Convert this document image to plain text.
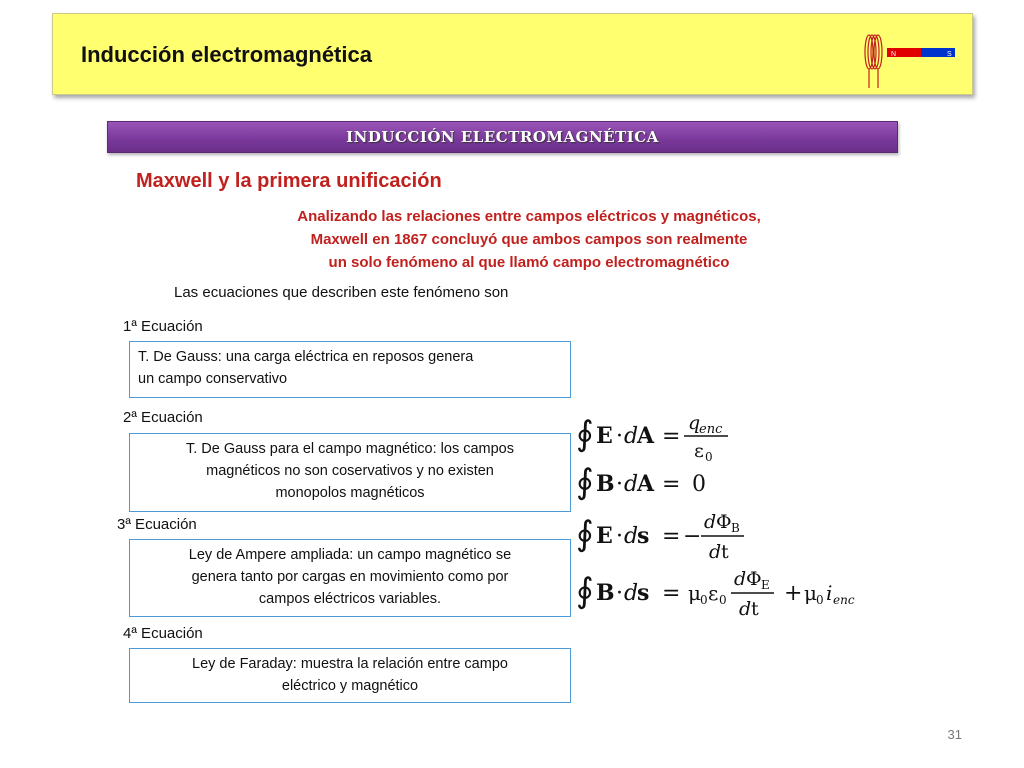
Inducción electromagnética	N	S
INDUCCIÓN ELECTROMAGNÉTICA
Maxwell y la primera unificación
Analizando las relaciones entre campos eléctricos y magnéticos,
Maxwell en 1867 concluyó que ambos campos son realmente
un solo fenómeno al que llamó campo electromagnético
Las ecuaciones que describen este fenómeno son
1ª Ecuación
T. De Gauss: una carga eléctrica en reposos genera
un campo conservativo
2ª Ecuación
T. De Gauss para el campo magnético: los campos
magnéticos no son coservativos y no existen
monopolos magnéticos
3ª Ecuación
Ley de Ampere ampliada: un campo magnético se
genera tanto por cargas en movimiento como por
campos eléctricos variables.
4ª Ecuación
Ley de Faraday: muestra la relación entre campo
eléctrico y magnético
∮ E · d
A =
q
enc
ε 0
∮ B · d
A = 0
∮ E · d
s = −
d Φ B
d t
∮ B · d
s = μ 0 ε 0
d Φ E
d t
+ μ 0 i enc
31
